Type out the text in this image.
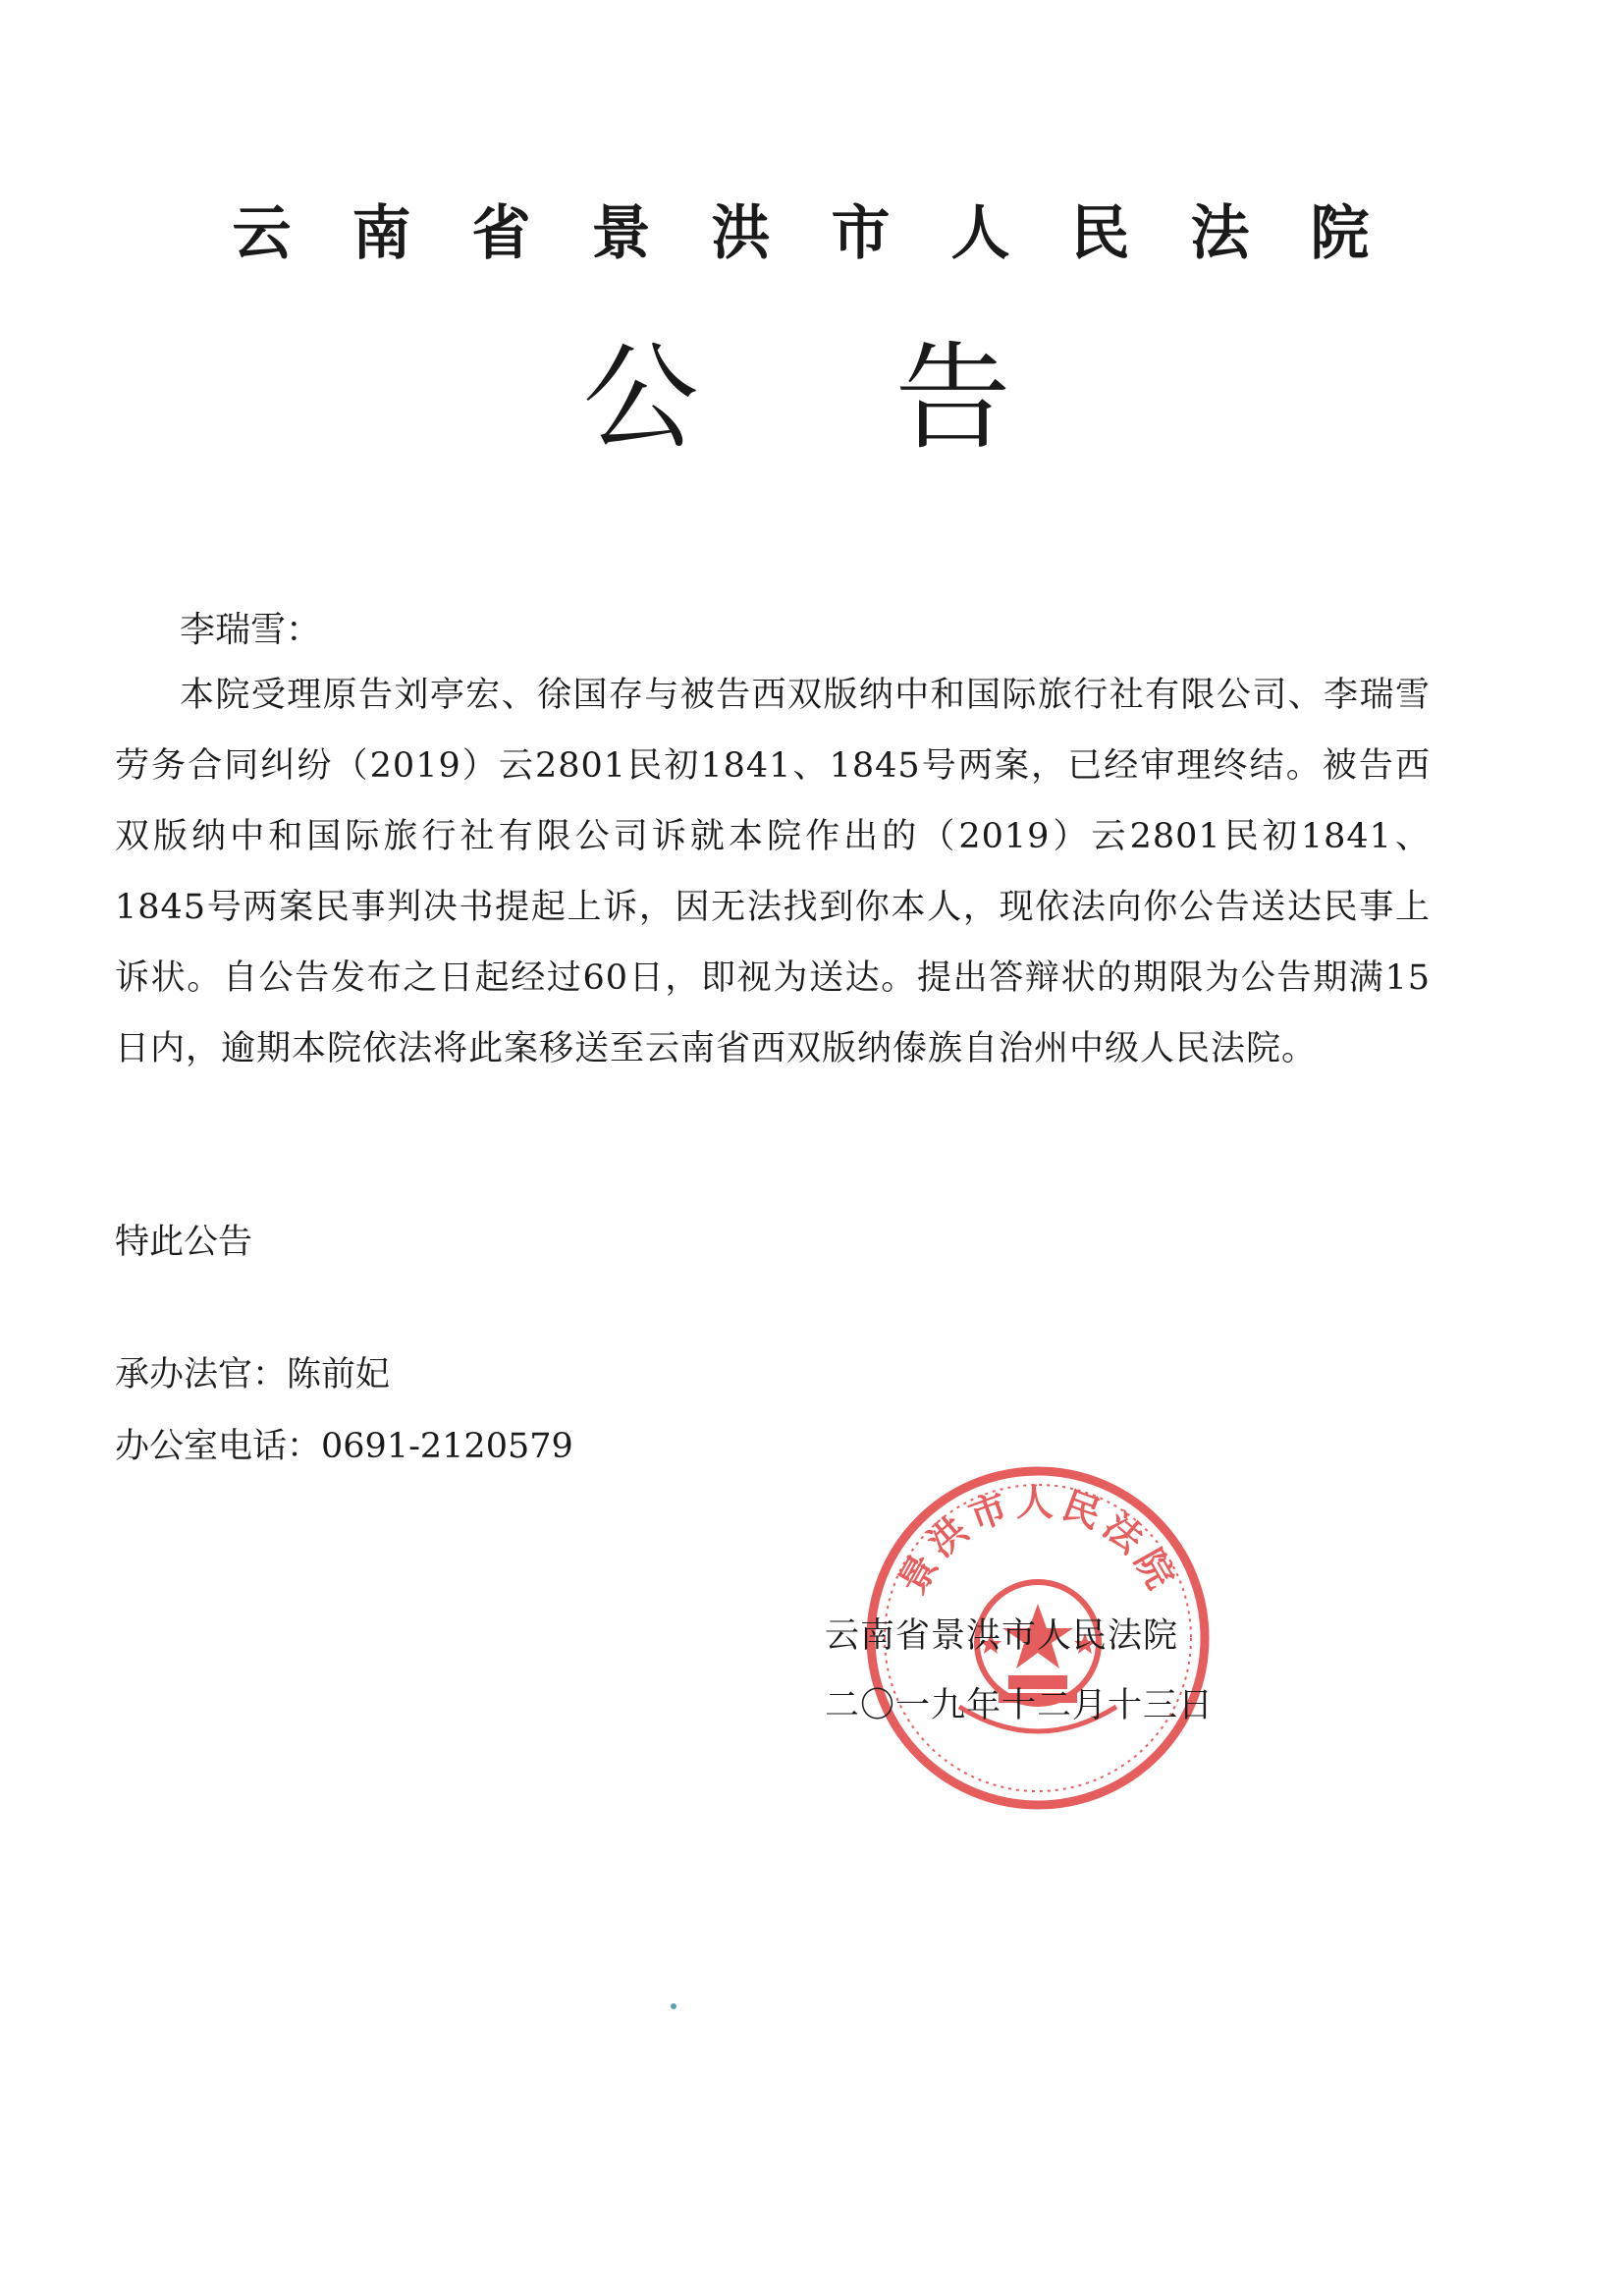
云南省景洪市人民法院
公告
李瑞雪：
本院受理原告刘亭宏、徐国存与被告西双版纳中和国际旅行社有限公司、李瑞雪劳务合同纠纷（2019）云2801民初1841、1845号两案，已经审理终结。被告西双版纳中和国际旅行社有限公司诉就本院作出的（2019）云2801民初1841、1845号两案民事判决书提起上诉，因无法找到你本人，现依法向你公告送达民事上诉状。自公告发布之日起经过60日，即视为送达。提出答辩状的期限为公告期满15日内，逾期本院依法将此案移送至云南省西双版纳傣族自治州中级人民法院。
特此公告
承办法官：陈前妃
办公室电话：0691-2120579
景洪市人民法院
云南省景洪市人民法院
二〇一九年十二月十三日
